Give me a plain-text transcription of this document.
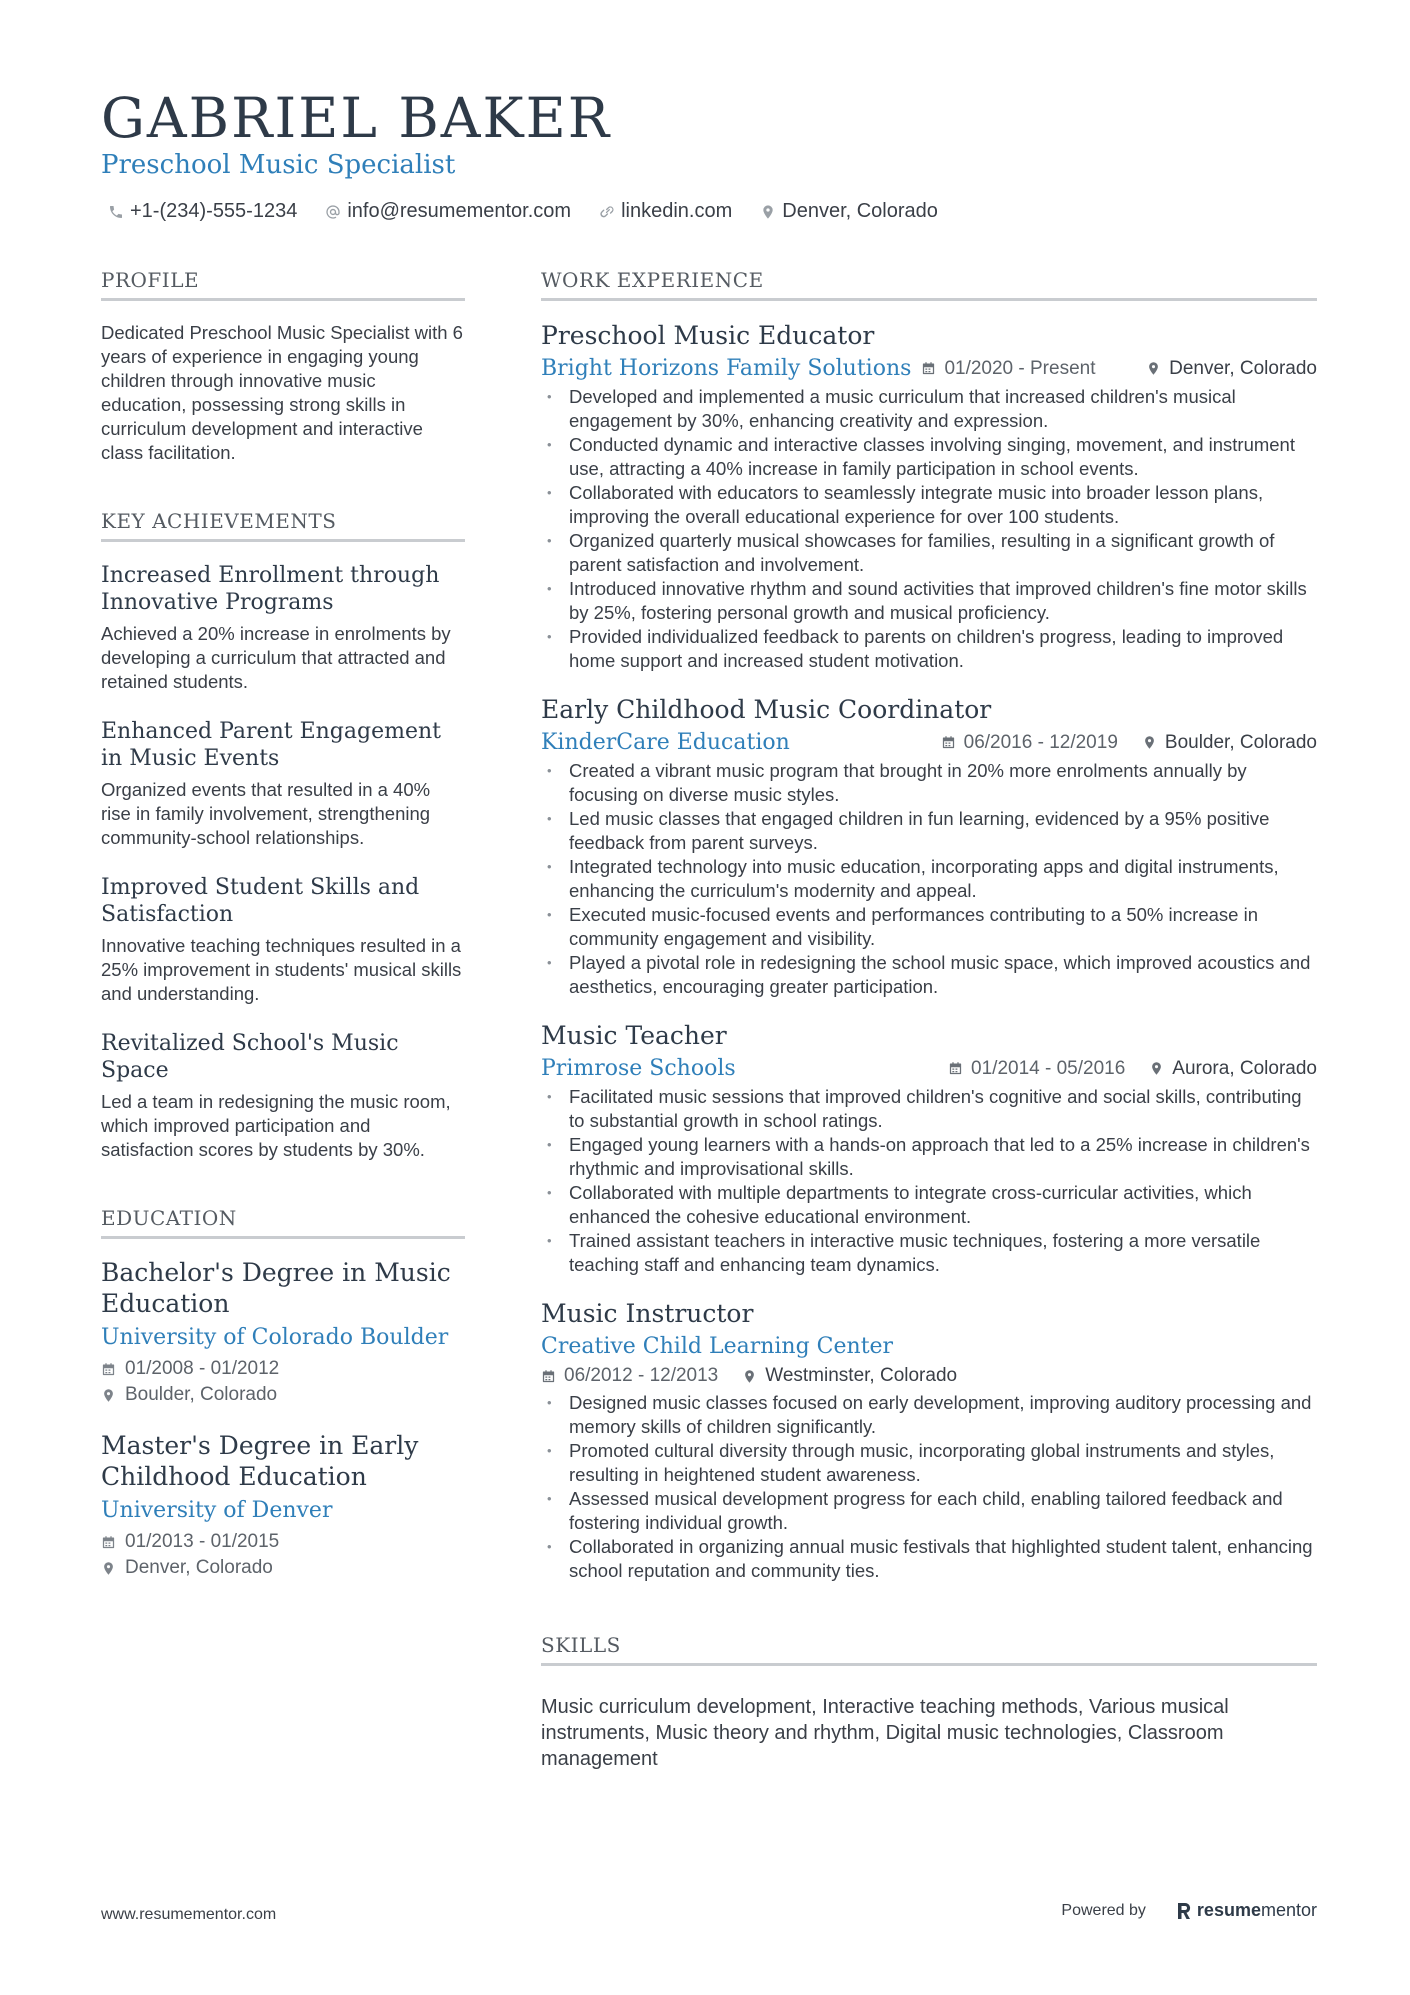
GABRIEL BAKER
Preschool Music Specialist
+1-(234)-555-1234	info@resumementor.com	linkedin.com	Denver, Colorado
PROFILE

Dedicated Preschool Music Specialist with 6 years of experience in engaging young children through innovative music education, possessing strong skills in curriculum development and interactive class facilitation.

KEY ACHIEVEMENTS
Increased Enrollment through Innovative Programs

Achieved a 20% increase in enrolments by developing a curriculum that attracted and retained students.

Enhanced Parent Engagement in Music Events

Organized events that resulted in a 40% rise in family involvement, strengthening community-school relationships.

Improved Student Skills and Satisfaction

Innovative teaching techniques resulted in a 25% improvement in students' musical skills and understanding.

Revitalized School's Music Space

Led a team in redesigning the music room, which improved participation and satisfaction scores by students by 30%.

EDUCATION
Bachelor's Degree in Music Education
University of Colorado Boulder
01/2008 - 01/2012
Boulder, Colorado
Master's Degree in Early Childhood Education
University of Denver
01/2013 - 01/2015
Denver, Colorado
WORK EXPERIENCE
Preschool Music Educator
Bright Horizons Family Solutions 01/2020 - Present	Denver, Colorado
• Developed and implemented a music curriculum that increased children's musical engagement by 30%, enhancing creativity and expression.
• Conducted dynamic and interactive classes involving singing, movement, and instrument use, attracting a 40% increase in family participation in school events.
• Collaborated with educators to seamlessly integrate music into broader lesson plans, improving the overall educational experience for over 100 students.
• Organized quarterly musical showcases for families, resulting in a significant growth of parent satisfaction and involvement.
• Introduced innovative rhythm and sound activities that improved children's fine motor skills by 25%, fostering personal growth and musical proficiency.
• Provided individualized feedback to parents on children's progress, leading to improved home support and increased student motivation.
Early Childhood Music Coordinator
KinderCare Education	06/2016 - 12/2019 Boulder, Colorado
• Created a vibrant music program that brought in 20% more enrolments annually by focusing on diverse music styles.
• Led music classes that engaged children in fun learning, evidenced by a 95% positive feedback from parent surveys.
• Integrated technology into music education, incorporating apps and digital instruments, enhancing the curriculum's modernity and appeal.
• Executed music-focused events and performances contributing to a 50% increase in community engagement and visibility.
• Played a pivotal role in redesigning the school music space, which improved acoustics and aesthetics, encouraging greater participation.
Music Teacher
Primrose Schools	01/2014 - 05/2016 Aurora, Colorado
• Facilitated music sessions that improved children's cognitive and social skills, contributing to substantial growth in school ratings.
• Engaged young learners with a hands-on approach that led to a 25% increase in children's rhythmic and improvisational skills.
• Collaborated with multiple departments to integrate cross-curricular activities, which enhanced the cohesive educational environment.
• Trained assistant teachers in interactive music techniques, fostering a more versatile teaching staff and enhancing team dynamics.
Music Instructor
Creative Child Learning Center
06/2012 - 12/2013 Westminster, Colorado
• Designed music classes focused on early development, improving auditory processing and memory skills of children significantly.
• Promoted cultural diversity through music, incorporating global instruments and styles, resulting in heightened student awareness.
• Assessed musical development progress for each child, enabling tailored feedback and fostering individual growth.
• Collaborated in organizing annual music festivals that highlighted student talent, enhancing school reputation and community ties.
SKILLS

Music curriculum development, Interactive teaching methods, Various musical instruments, Music theory and rhythm, Digital music technologies, Classroom management

www.resumementor.com	Powered by	resume mentor
